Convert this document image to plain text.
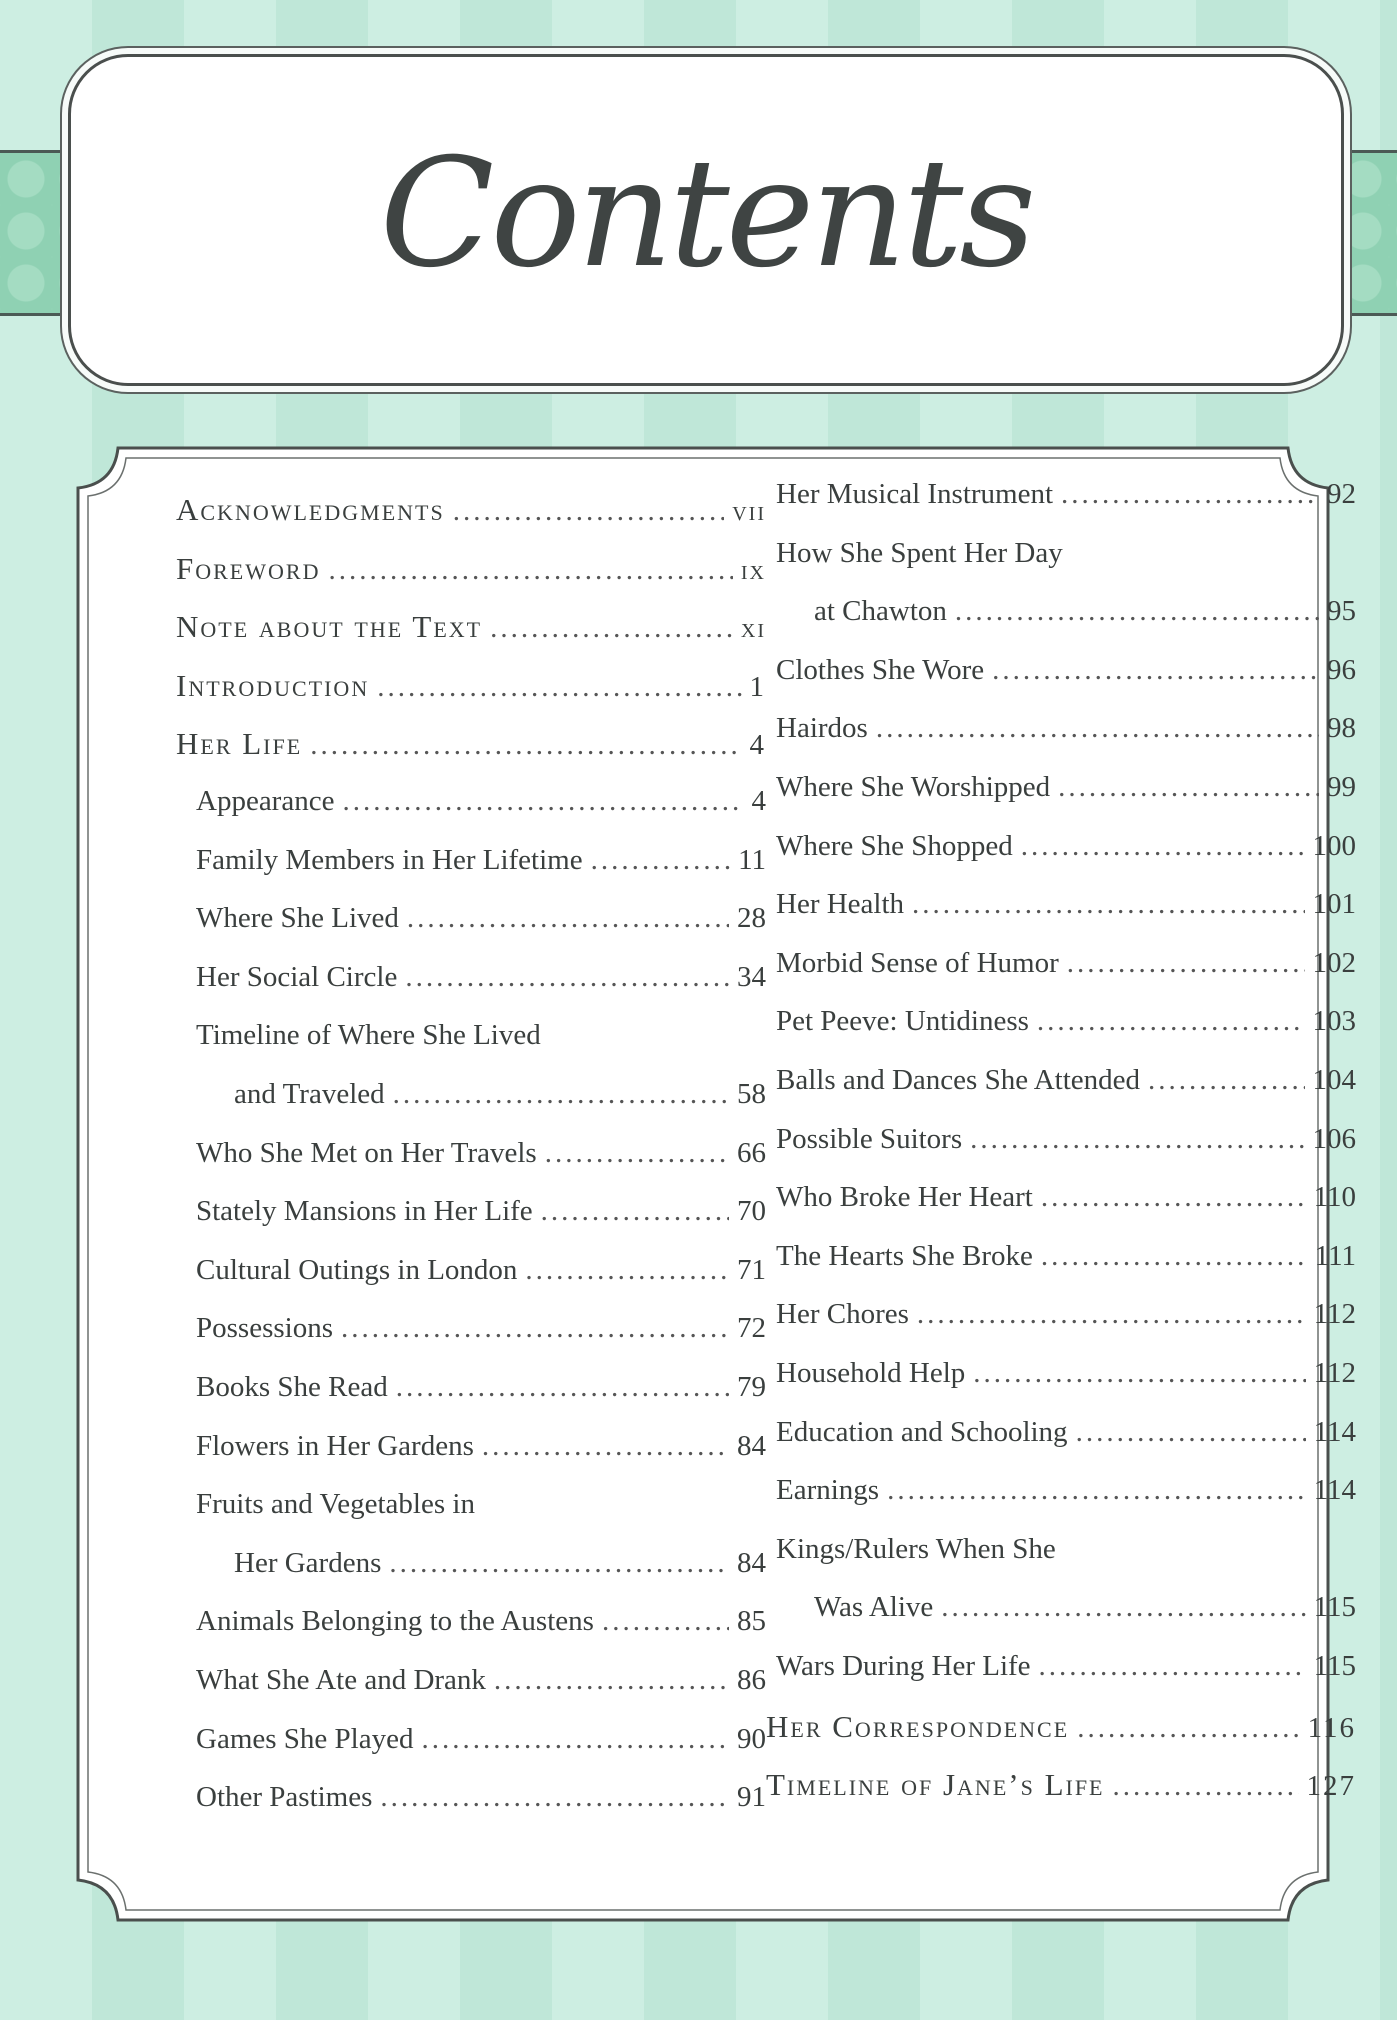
Contents
Acknowledgments .....	vii
Foreword .....	ix
Note about the Text .....	xi
Introduction .....	1
Her Life .....	4
Appearance .....	4
Family Members in Her Lifetime .....	11
Where She Lived .....	28
Her Social Circle .....	34
Timeline of Where She Lived
and Traveled .....	58
Who She Met on Her Travels .....	66
Stately Mansions in Her Life .....	70
Cultural Outings in London .....	71
Possessions .....	72
Books She Read .....	79
Flowers in Her Gardens .....	84
Fruits and Vegetables in
Her Gardens .....	84
Animals Belonging to the Austens .....	85
What She Ate and Drank .....	86
Games She Played .....	90
Other Pastimes .....	91
Her Musical Instrument .....	92
How She Spent Her Day
at Chawton .....	95
Clothes She Wore .....	96
Hairdos .....	98
Where She Worshipped .....	99
Where She Shopped .....	100
Her Health .....	101
Morbid Sense of Humor .....	102
Pet Peeve: Untidiness .....	103
Balls and Dances She Attended .....	104
Possible Suitors .....	106
Who Broke Her Heart .....	110
The Hearts She Broke .....	111
Her Chores .....	112
Household Help .....	112
Education and Schooling .....	114
Earnings .....	114
Kings/Rulers When She
Was Alive .....	115
Wars During Her Life .....	115
Her Correspondence .....	116
Timeline of Jane’s Life .....	127
